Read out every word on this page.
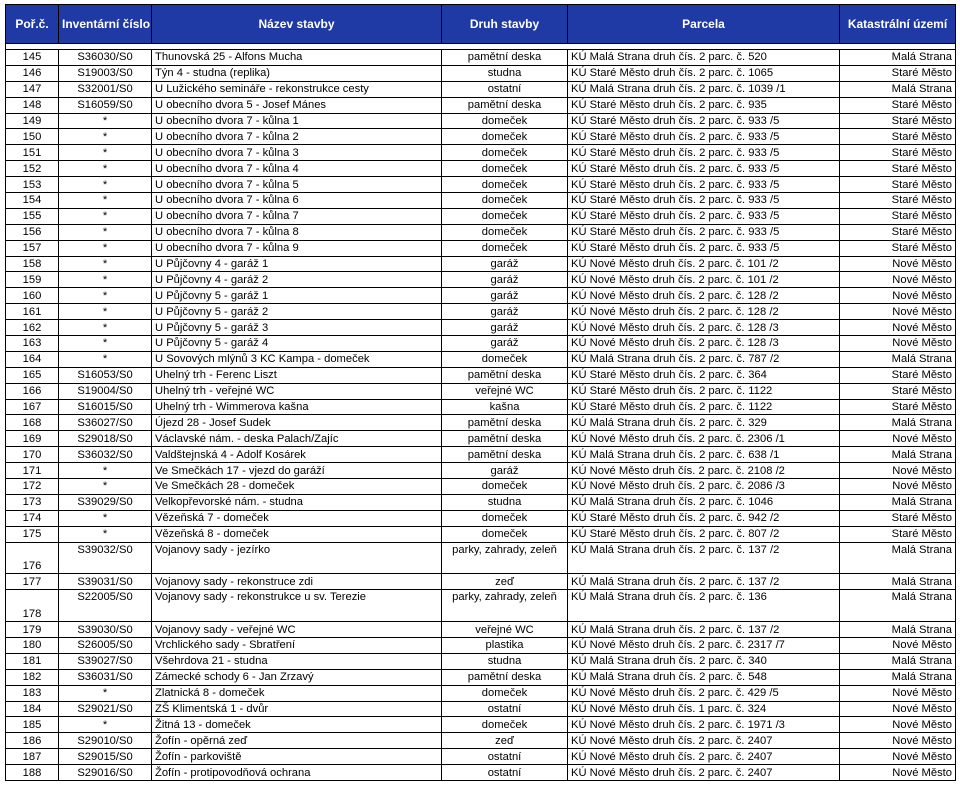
Poř.č.	Inventární číslo	Název stavby	Druh stavby	Parcela	Katastrální území

145	S36030/S0	Thunovská 25 - Alfons Mucha	pamětní deska	KÚ Malá Strana druh čís. 2 parc. č. 520	Malá Strana
146	S19003/S0	Týn 4 - studna (replika)	studna	KÚ Staré Město druh čís. 2 parc. č. 1065	Staré Město
147	S32001/S0	U Lužického semináře - rekonstrukce cesty	ostatní	KÚ Malá Strana druh čís. 2 parc. č. 1039 /1	Malá Strana
148	S16059/S0	U obecního dvora 5 - Josef Mánes	pamětní deska	KÚ Staré Město druh čís. 2 parc. č. 935	Staré Město
149	*	U obecního dvora 7 - kůlna 1	domeček	KÚ Staré Město druh čís. 2 parc. č. 933 /5	Staré Město
150	*	U obecního dvora 7 - kůlna 2	domeček	KÚ Staré Město druh čís. 2 parc. č. 933 /5	Staré Město
151	*	U obecního dvora 7 - kůlna 3	domeček	KÚ Staré Město druh čís. 2 parc. č. 933 /5	Staré Město
152	*	U obecního dvora 7 - kůlna 4	domeček	KÚ Staré Město druh čís. 2 parc. č. 933 /5	Staré Město
153	*	U obecního dvora 7 - kůlna 5	domeček	KÚ Staré Město druh čís. 2 parc. č. 933 /5	Staré Město
154	*	U obecního dvora 7 - kůlna 6	domeček	KÚ Staré Město druh čís. 2 parc. č. 933 /5	Staré Město
155	*	U obecního dvora 7 - kůlna 7	domeček	KÚ Staré Město druh čís. 2 parc. č. 933 /5	Staré Město
156	*	U obecního dvora 7 - kůlna 8	domeček	KÚ Staré Město druh čís. 2 parc. č. 933 /5	Staré Město
157	*	U obecního dvora 7 - kůlna 9	domeček	KÚ Staré Město druh čís. 2 parc. č. 933 /5	Staré Město
158	*	U Půjčovny 4 - garáž 1	garáž	KÚ Nové Město druh čís. 2 parc. č. 101 /2	Nové Město
159	*	U Půjčovny 4 - garáž 2	garáž	KÚ Nové Město druh čís. 2 parc. č. 101 /2	Nové Město
160	*	U Půjčovny 5 - garáž 1	garáž	KÚ Nové Město druh čís. 2 parc. č. 128 /2	Nové Město
161	*	U Půjčovny 5 - garáž 2	garáž	KÚ Nové Město druh čís. 2 parc. č. 128 /2	Nové Město
162	*	U Půjčovny 5 - garáž 3	garáž	KÚ Nové Město druh čís. 2 parc. č. 128 /3	Nové Město
163	*	U Půjčovny 5 - garáž 4	garáž	KÚ Nové Město druh čís. 2 parc. č. 128 /3	Nové Město
164	*	U Sovových mlýnů 3 KC Kampa - domeček	domeček	KÚ Malá Strana druh čís. 2 parc. č. 787 /2	Malá Strana
165	S16053/S0	Uhelný trh - Ferenc Liszt	pamětní deska	KÚ Staré Město druh čís. 2 parc. č. 364	Staré Město
166	S19004/S0	Uhelný trh - veřejné WC	veřejné WC	KÚ Staré Město druh čís. 2 parc. č. 1122	Staré Město
167	S16015/S0	Uhelný trh - Wimmerova kašna	kašna	KÚ Staré Město druh čís. 2 parc. č. 1122	Staré Město
168	S36027/S0	Újezd 28 - Josef Sudek	pamětní deska	KÚ Malá Strana druh čís. 2 parc. č. 329	Malá Strana
169	S29018/S0	Václavské nám. - deska Palach/Zajíc	pamětní deska	KÚ Nové Město druh čís. 2 parc. č. 2306 /1	Nové Město
170	S36032/S0	Valdštejnská 4 - Adolf Kosárek	pamětní deska	KÚ Malá Strana druh čís. 2 parc. č. 638 /1	Malá Strana
171	*	Ve Smečkách 17 - vjezd do garáží	garáž	KÚ Nové Město druh čís. 2 parc. č. 2108 /2	Nové Město
172	*	Ve Smečkách 28 - domeček	domeček	KÚ Nové Město druh čís. 2 parc. č. 2086 /3	Nové Město
173	S39029/S0	Velkopřevorské nám. - studna	studna	KÚ Malá Strana druh čís. 2 parc. č. 1046	Malá Strana
174	*	Vězeňská 7 - domeček	domeček	KÚ Staré Město druh čís. 2 parc. č. 942 /2	Staré Město
175	*	Vězeňská 8 - domeček	domeček	KÚ Staré Město druh čís. 2 parc. č. 807 /2	Staré Město
176	S39032/S0	Vojanovy sady - jezírko	parky, zahrady, zeleň	KÚ Malá Strana druh čís. 2 parc. č. 137 /2	Malá Strana
177	S39031/S0	Vojanovy sady - rekonstruce zdi	zeď	KÚ Malá Strana druh čís. 2 parc. č. 137 /2	Malá Strana
178	S22005/S0	Vojanovy sady - rekonstrukce u sv. Terezie	parky, zahrady, zeleň	KÚ Malá Strana druh čís. 2 parc. č. 136	Malá Strana
179	S39030/S0	Vojanovy sady - veřejné WC	veřejné WC	KÚ Malá Strana druh čís. 2 parc. č. 137 /2	Malá Strana
180	S26005/S0	Vrchlického sady - Sbratření	plastika	KÚ Nové Město druh čís. 2 parc. č. 2317 /7	Nové Město
181	S39027/S0	Všehrdova 21 - studna	studna	KÚ Malá Strana druh čís. 2 parc. č. 340	Malá Strana
182	S36031/S0	Zámecké schody 6 - Jan Zrzavý	pamětní deska	KÚ Malá Strana druh čís. 2 parc. č. 548	Malá Strana
183	*	Zlatnická 8 - domeček	domeček	KÚ Nové Město druh čís. 2 parc. č. 429 /5	Nové Město
184	S29021/S0	ZŠ Klimentská 1 - dvůr	ostatní	KÚ Nové Město druh čís. 1 parc. č. 324	Nové Město
185	*	Žitná 13 - domeček	domeček	KÚ Nové Město druh čís. 2 parc. č. 1971 /3	Nové Město
186	S29010/S0	Žofín - opěrná zeď	zeď	KÚ Nové Město druh čís. 2 parc. č. 2407	Nové Město
187	S29015/S0	Žofín - parkoviště	ostatní	KÚ Nové Město druh čís. 2 parc. č. 2407	Nové Město
188	S29016/S0	Žofín - protipovodňová ochrana	ostatní	KÚ Nové Město druh čís. 2 parc. č. 2407	Nové Město
